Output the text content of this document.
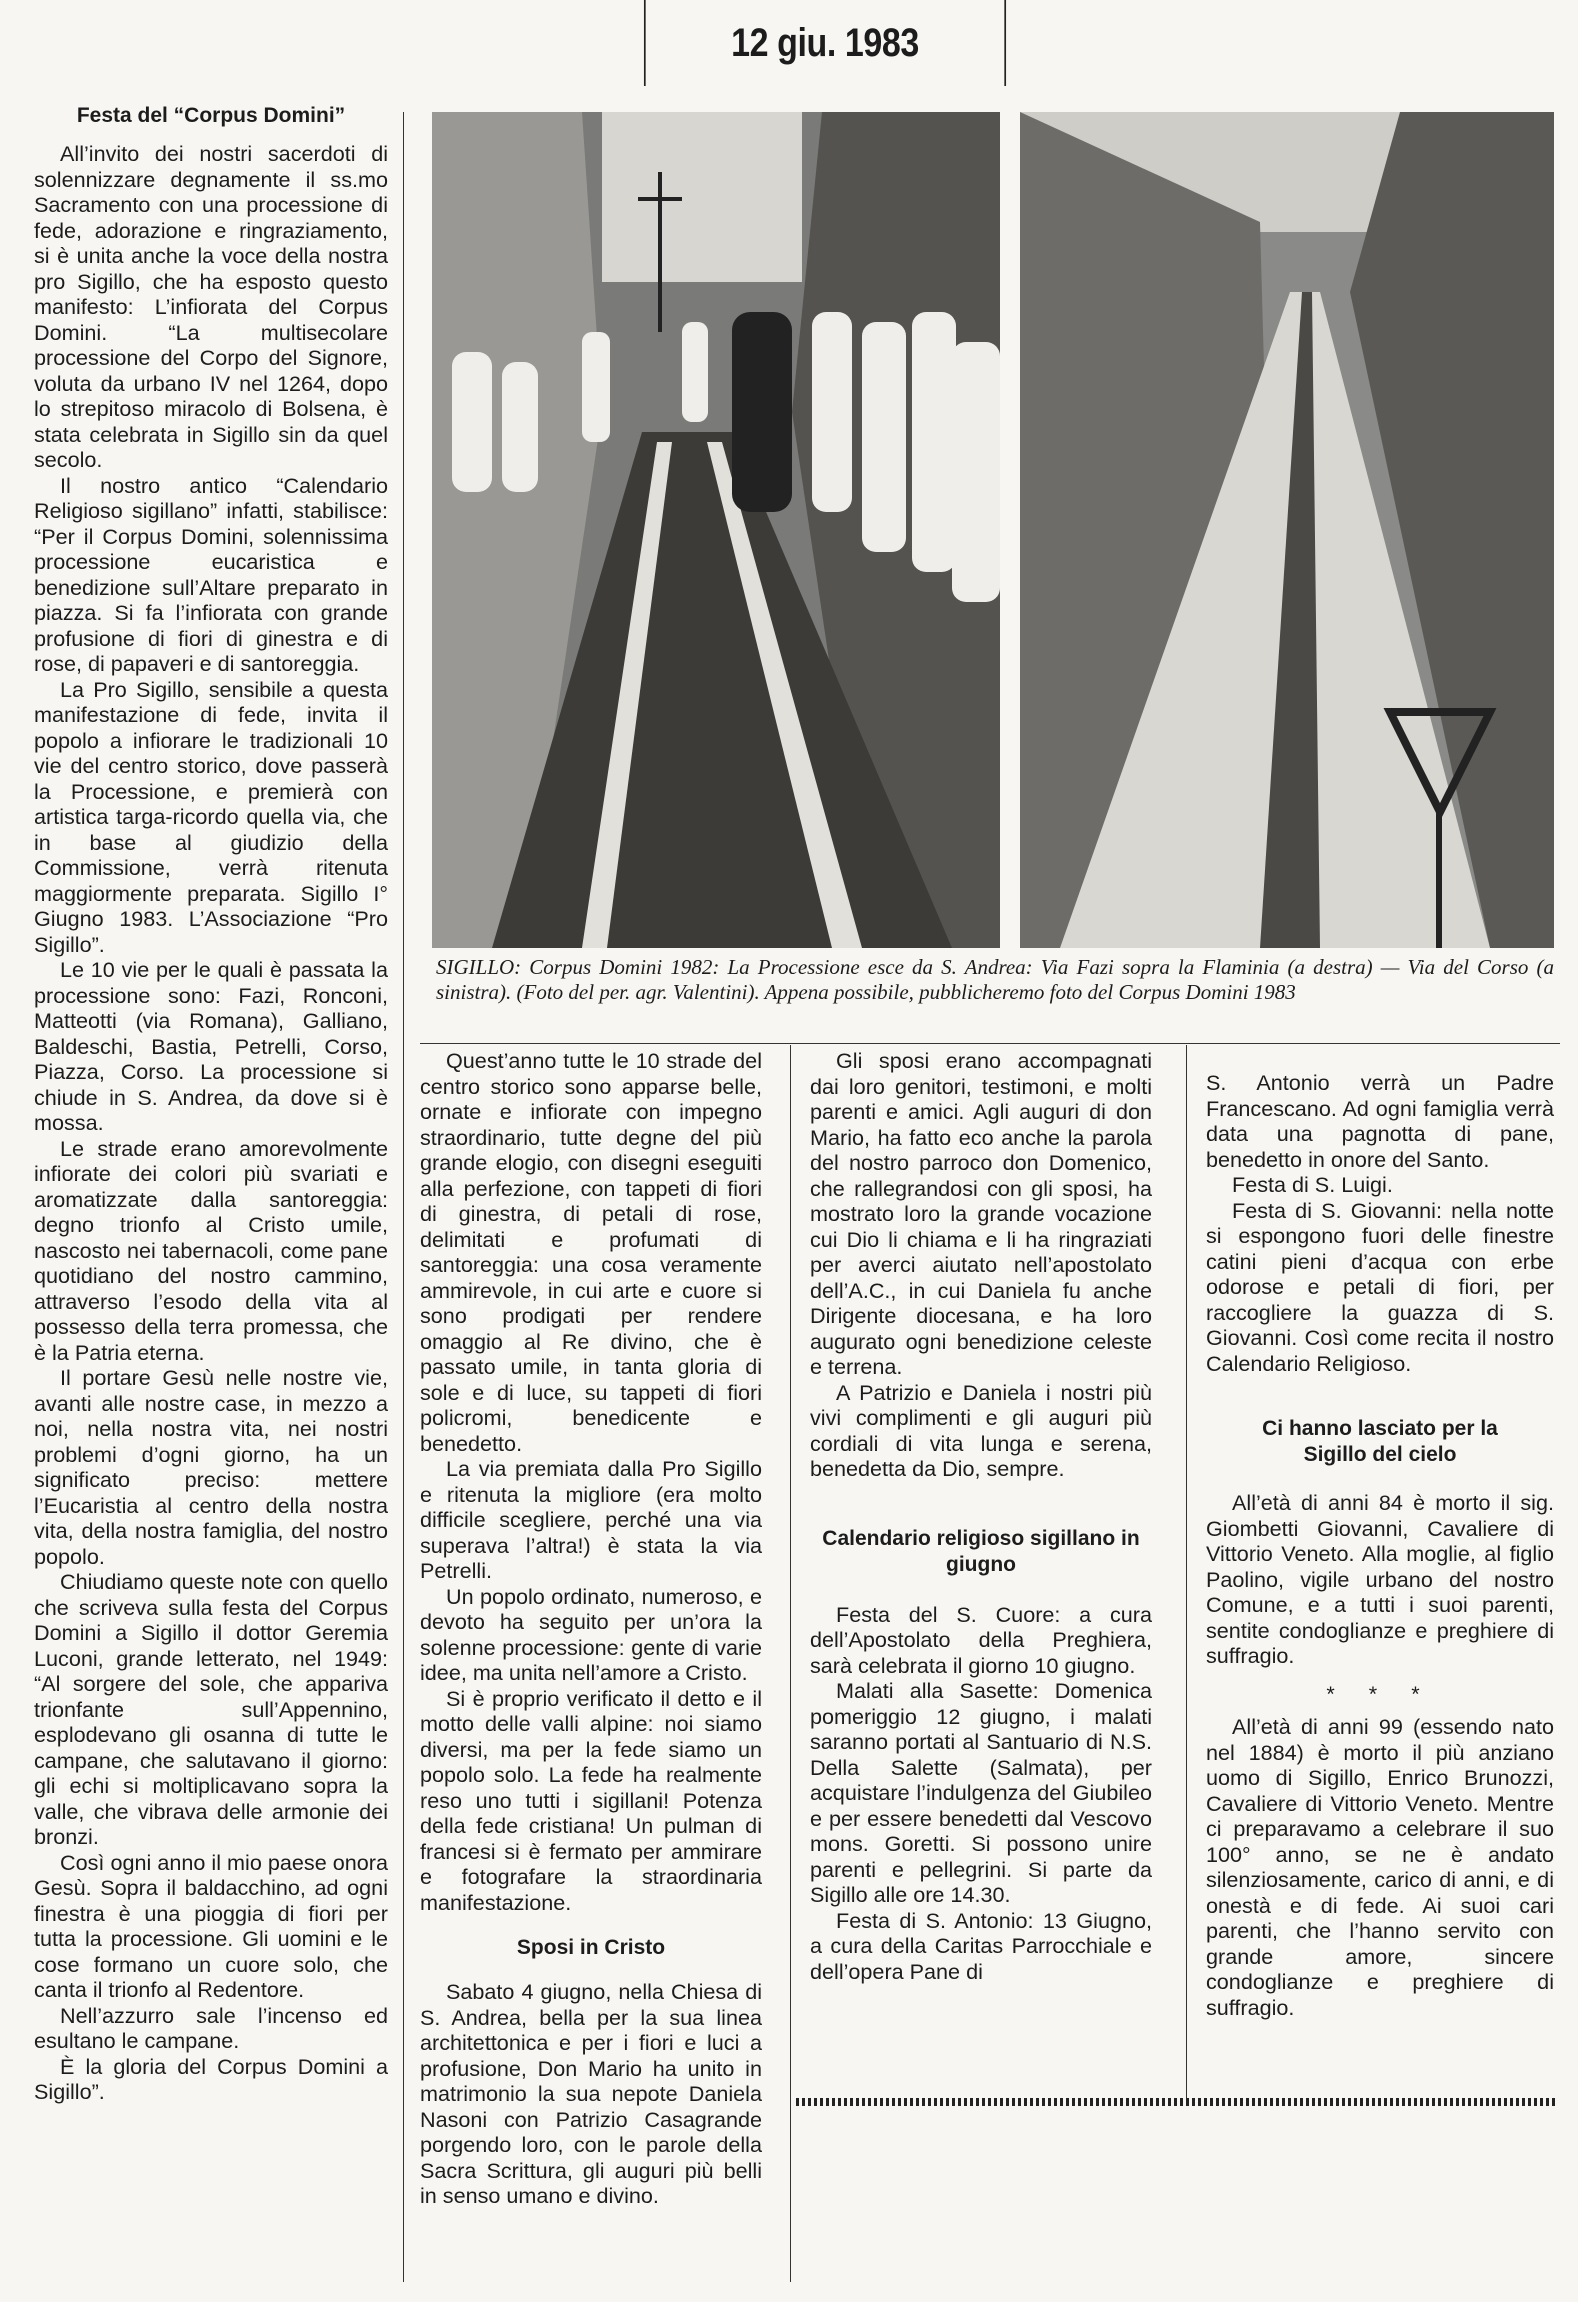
12 giu. 1983
Festa del “Corpus Domini”

All’invito dei nostri sacerdoti di solennizzare degnamente il ss.mo Sacramento con una processione di fede, adorazione e ringraziamento, si è unita anche la voce della nostra pro Sigillo, che ha esposto questo manifesto: L’infiorata del Corpus Domini. “La multisecolare processione del Corpo del Signore, voluta da urbano IV nel 1264, dopo lo strepitoso miracolo di Bolsena, è stata celebrata in Sigillo sin da quel secolo.

Il nostro antico “Calendario Religioso sigillano” infatti, stabilisce: “Per il Corpus Domini, solennissima processione eucaristica e benedizione sull’Altare preparato in piazza. Si fa l’infiorata con grande profusione di fiori di ginestra e di rose, di papaveri e di santoreggia.

La Pro Sigillo, sensibile a questa manifestazione di fede, invita il popolo a infiorare le tradizionali 10 vie del centro storico, dove passerà la Processione, e premierà con artistica targa-ricordo quella via, che in base al giudizio della Commissione, verrà ritenuta maggiormente preparata. Sigillo I° Giugno 1983. L’Associazione “Pro Sigillo”.

Le 10 vie per le quali è passata la processione sono: Fazi, Ronconi, Matteotti (via Romana), Galliano, Baldeschi, Bastia, Petrelli, Corso, Piazza, Corso. La processione si chiude in S. Andrea, da dove si è mossa.

Le strade erano amorevolmente infiorate dei colori più svariati e aromatizzate dalla santoreggia: degno trionfo al Cristo umile, nascosto nei tabernacoli, come pane quotidiano del nostro cammino, attraverso l’esodo della vita al possesso della terra promessa, che è la Patria eterna.

Il portare Gesù nelle nostre vie, avanti alle nostre case, in mezzo a noi, nella nostra vita, nei nostri problemi d’ogni giorno, ha un significato preciso: mettere l’Eucaristia al centro della nostra vita, della nostra famiglia, del nostro popolo.

Chiudiamo queste note con quello che scriveva sulla festa del Corpus Domini a Sigillo il dottor Geremia Luconi, grande letterato, nel 1949: “Al sorgere del sole, che appariva trionfante sull’Appennino, esplodevano gli osanna di tutte le campane, che salutavano il giorno: gli echi si moltiplicavano sopra la valle, che vibrava delle armonie dei bronzi.

Così ogni anno il mio paese onora Gesù. Sopra il baldacchino, ad ogni finestra è una pioggia di fiori per tutta la processione. Gli uomini e le cose formano un cuore solo, che canta il trionfo al Redentore.

Nell’azzurro sale l’incenso ed esultano le campane.

È la gloria del Corpus Domini a Sigillo”.

SIGILLO: Corpus Domini 1982: La Processione esce da S. Andrea: Via Fazi sopra la Flaminia (a destra) — Via del Corso (a sinistra). (Foto del per. agr. Valentini). Appena possibile, pubblicheremo foto del Corpus Domini 1983

Quest’anno tutte le 10 strade del centro storico sono apparse belle, ornate e infiorate con impegno straordinario, tutte degne del più grande elogio, con disegni eseguiti alla perfezione, con tappeti di fiori di ginestra, di petali di rose, delimitati e profumati di santoreggia: una cosa veramente ammirevole, in cui arte e cuore si sono prodigati per rendere omaggio al Re divino, che è passato umile, in tanta gloria di sole e di luce, su tappeti di fiori policromi, benedicente e benedetto.

La via premiata dalla Pro Sigillo e ritenuta la migliore (era molto difficile scegliere, perché una via superava l’altra!) è stata la via Petrelli.

Un popolo ordinato, numeroso, e devoto ha seguito per un’ora la solenne processione: gente di varie idee, ma unita nell’amore a Cristo.

Si è proprio verificato il detto e il motto delle valli alpine: noi siamo diversi, ma per la fede siamo un popolo solo. La fede ha realmente reso uno tutti i sigillani! Potenza della fede cristiana! Un pulman di francesi si è fermato per ammirare e fotografare la straordinaria manifestazione.

Sposi in Cristo

Sabato 4 giugno, nella Chiesa di S. Andrea, bella per la sua linea architettonica e per i fiori e luci a profusione, Don Mario ha unito in matrimonio la sua nepote Daniela Nasoni con Patrizio Casagrande porgendo loro, con le parole della Sacra Scrittura, gli auguri più belli in senso umano e divino.

Gli sposi erano accompagnati dai loro genitori, testimoni, e molti parenti e amici. Agli auguri di don Mario, ha fatto eco anche la parola del nostro parroco don Domenico, che rallegrandosi con gli sposi, ha mostrato loro la grande vocazione cui Dio li chiama e li ha ringraziati per averci aiutato nell’apostolato dell’A.C., in cui Daniela fu anche Dirigente diocesana, e ha loro augurato ogni benedizione celeste e terrena.

A Patrizio e Daniela i nostri più vivi complimenti e gli auguri più cordiali di vita lunga e serena, benedetta da Dio, sempre.

Calendario religioso sigillano in giugno

Festa del S. Cuore: a cura dell’Apostolato della Preghiera, sarà celebrata il giorno 10 giugno.

Malati alla Sasette: Domenica pomeriggio 12 giugno, i malati saranno portati al Santuario di N.S. Della Salette (Salmata), per acquistare l’indulgenza del Giubileo e per essere benedetti dal Vescovo mons. Goretti. Si possono unire parenti e pellegrini. Si parte da Sigillo alle ore 14.30.

Festa di S. Antonio: 13 Giugno, a cura della Caritas Parrocchiale e dell’opera Pane di

S. Antonio verrà un Padre Francescano. Ad ogni famiglia verrà data una pagnotta di pane, benedetto in onore del Santo.

Festa di S. Luigi.

Festa di S. Giovanni: nella notte si espongono fuori delle finestre catini pieni d’acqua con erbe odorose e petali di fiori, per raccogliere la guazza di S. Giovanni. Così come recita il nostro Calendario Religioso.

Ci hanno lasciato per la Sigillo del cielo

All’età di anni 84 è morto il sig. Giombetti Giovanni, Cavaliere di Vittorio Veneto. Alla moglie, al figlio Paolino, vigile urbano del nostro Comune, e a tutti i suoi parenti, sentite condoglianze e preghiere di suffragio.

* * *

All’età di anni 99 (essendo nato nel 1884) è morto il più anziano uomo di Sigillo, Enrico Brunozzi, Cavaliere di Vittorio Veneto. Mentre ci preparavamo a celebrare il suo 100° anno, se ne è andato silenziosamente, carico di anni, e di onestà e di fede. Ai suoi cari parenti, che l’hanno servito con grande amore, sincere condoglianze e preghiere di suffragio.
